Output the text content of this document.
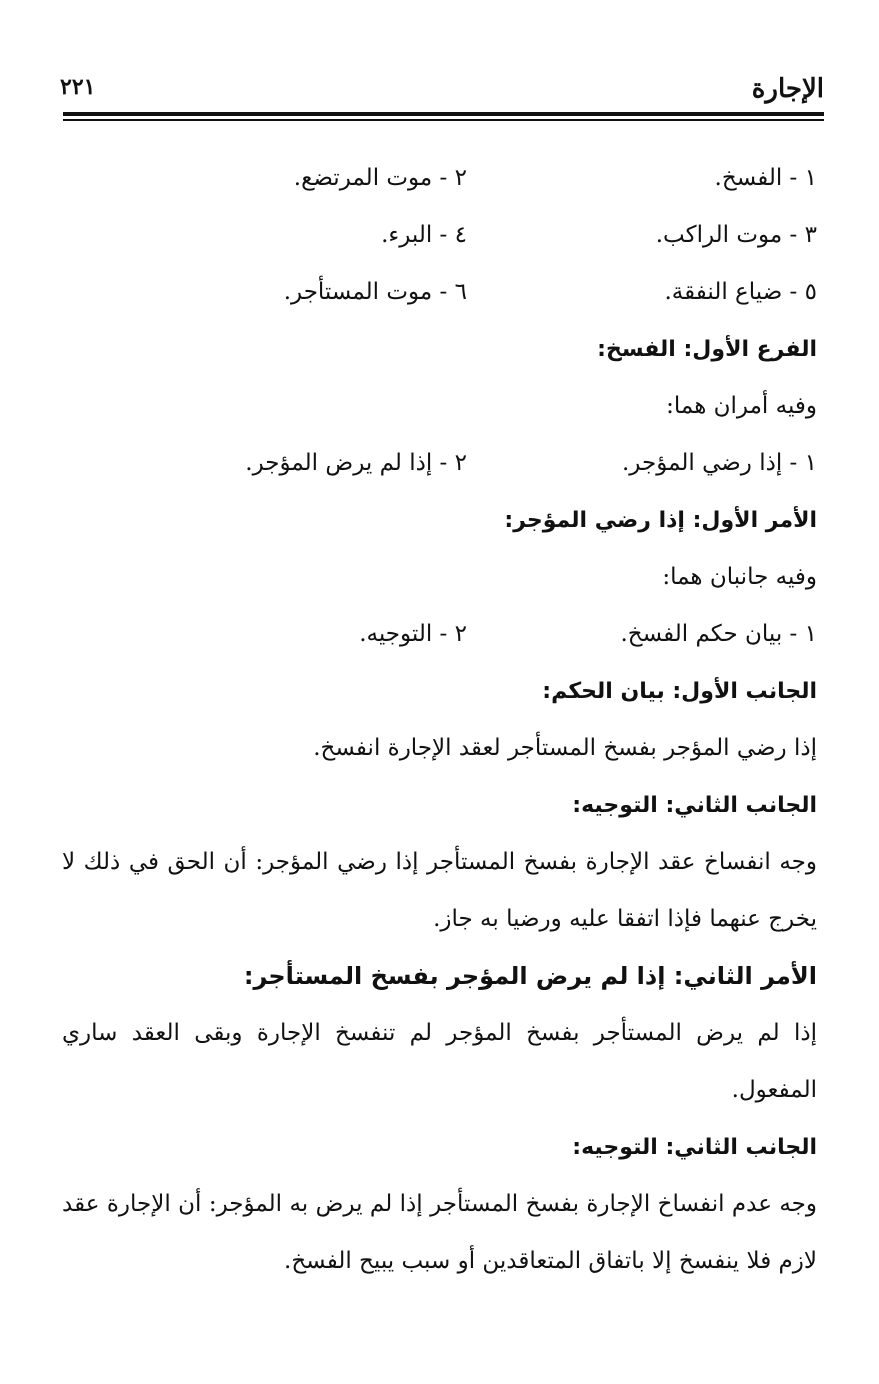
الإجارة
٢٢١
١ - الفسخ.
٢ - موت المرتضع.
٣ - موت الراكب.
٤ - البرء.
٥ - ضياع النفقة.
٦ - موت المستأجر.
الفرع الأول: الفسخ:
وفيه أمران هما:
١ - إذا رضي المؤجر.
٢ - إذا لم يرض المؤجر.
الأمر الأول: إذا رضي المؤجر:
وفيه جانبان هما:
١ - بيان حكم الفسخ.
٢ - التوجيه.
الجانب الأول: بيان الحكم:
إذا رضي المؤجر بفسخ المستأجر لعقد الإجارة انفسخ.
الجانب الثاني: التوجيه:
وجه انفساخ عقد الإجارة بفسخ المستأجر إذا رضي المؤجر: أن الحق في ذلك لا يخرج عنهما فإذا اتفقا عليه ورضيا به جاز.
الأمر الثاني: إذا لم يرض المؤجر بفسخ المستأجر:
إذا لم يرض المستأجر بفسخ المؤجر لم تنفسخ الإجارة وبقى العقد ساري المفعول.
الجانب الثاني: التوجيه:
وجه عدم انفساخ الإجارة بفسخ المستأجر إذا لم يرض به المؤجر: أن الإجارة عقد لازم فلا ينفسخ إلا باتفاق المتعاقدين أو سبب يبيح الفسخ.
